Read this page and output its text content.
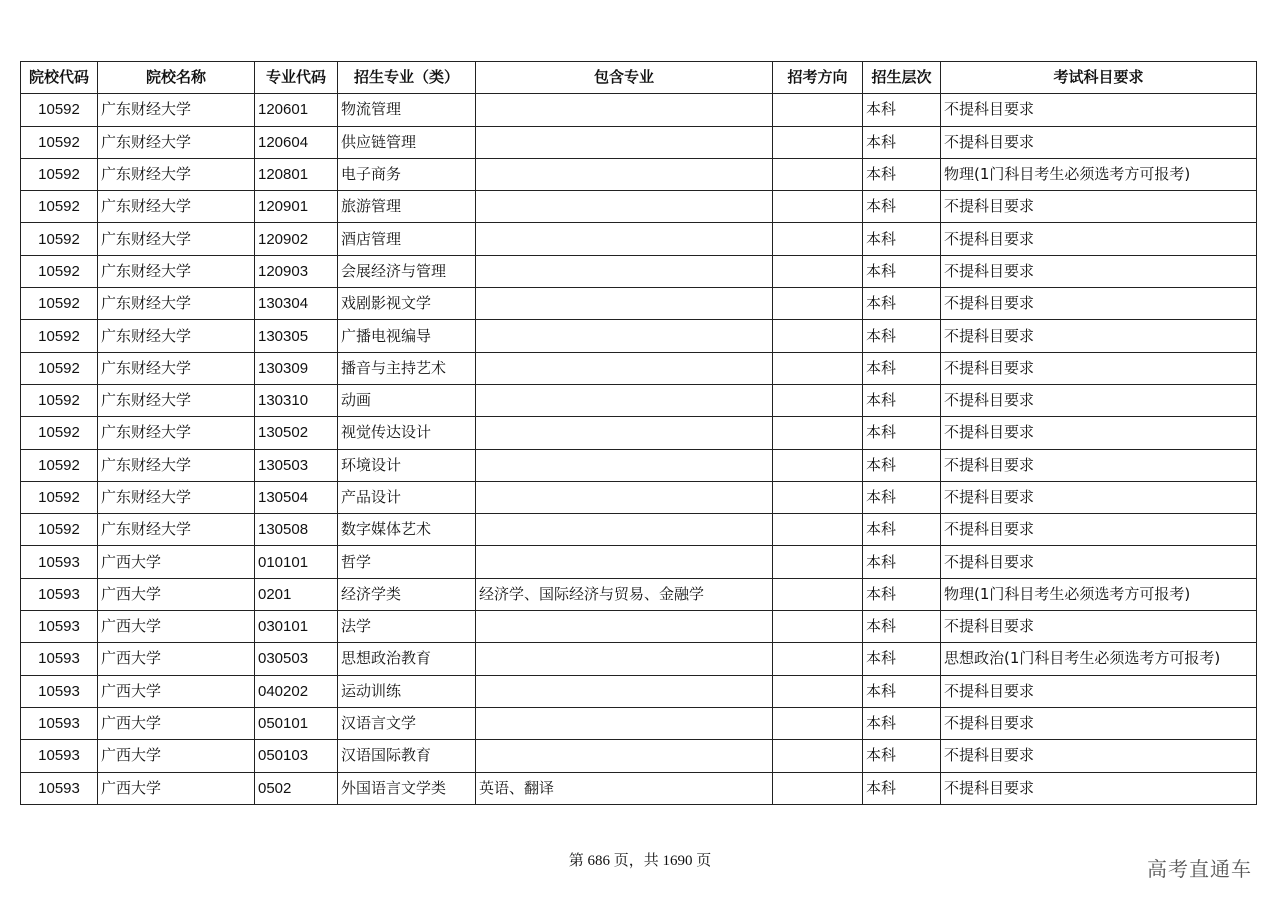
院校代码	院校名称	专业代码	招生专业（类）	包含专业	招考方向	招生层次	考试科目要求
10592	广东财经大学	120601	物流管理			本科	不提科目要求
10592	广东财经大学	120604	供应链管理			本科	不提科目要求
10592	广东财经大学	120801	电子商务			本科	物理(1门科目考生必须选考方可报考)
10592	广东财经大学	120901	旅游管理			本科	不提科目要求
10592	广东财经大学	120902	酒店管理			本科	不提科目要求
10592	广东财经大学	120903	会展经济与管理			本科	不提科目要求
10592	广东财经大学	130304	戏剧影视文学			本科	不提科目要求
10592	广东财经大学	130305	广播电视编导			本科	不提科目要求
10592	广东财经大学	130309	播音与主持艺术			本科	不提科目要求
10592	广东财经大学	130310	动画			本科	不提科目要求
10592	广东财经大学	130502	视觉传达设计			本科	不提科目要求
10592	广东财经大学	130503	环境设计			本科	不提科目要求
10592	广东财经大学	130504	产品设计			本科	不提科目要求
10592	广东财经大学	130508	数字媒体艺术			本科	不提科目要求
10593	广西大学	010101	哲学			本科	不提科目要求
10593	广西大学	0201	经济学类	经济学、国际经济与贸易、金融学		本科	物理(1门科目考生必须选考方可报考)
10593	广西大学	030101	法学			本科	不提科目要求
10593	广西大学	030503	思想政治教育			本科	思想政治(1门科目考生必须选考方可报考)
10593	广西大学	040202	运动训练			本科	不提科目要求
10593	广西大学	050101	汉语言文学			本科	不提科目要求
10593	广西大学	050103	汉语国际教育			本科	不提科目要求
10593	广西大学	0502	外国语言文学类	英语、翻译		本科	不提科目要求
第 686 页，共 1690 页	高考直通车
